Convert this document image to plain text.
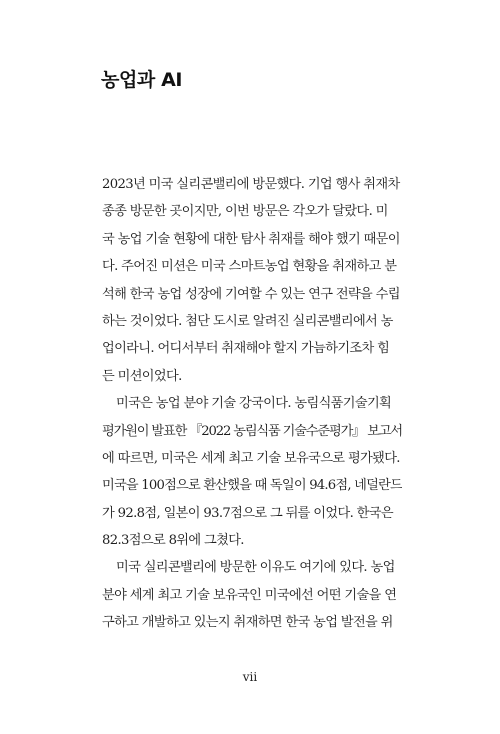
농업과 AI
2023년 미국 실리콘밸리에 방문했다. 기업 행사 취재차
종종 방문한 곳이지만, 이번 방문은 각오가 달랐다. 미
국 농업 기술 현황에 대한 탐사 취재를 해야 했기 때문이
다. 주어진 미션은 미국 스마트농업 현황을 취재하고 분
석해 한국 농업 성장에 기여할 수 있는 연구 전략을 수립
하는 것이었다. 첨단 도시로 알려진 실리콘밸리에서 농
업이라니. 어디서부터 취재해야 할지 가늠하기조차 힘
든 미션이었다.
미국은 농업 분야 기술 강국이다. 농림식품기술기획
평가원이 발표한 『2022 농림식품 기술수준평가』 보고서
에 따르면, 미국은 세계 최고 기술 보유국으로 평가됐다.
미국을 100점으로 환산했을 때 독일이 94.6점, 네덜란드
가 92.8점, 일본이 93.7점으로 그 뒤를 이었다. 한국은
82.3점으로 8위에 그쳤다.
미국 실리콘밸리에 방문한 이유도 여기에 있다. 농업
분야 세계 최고 기술 보유국인 미국에선 어떤 기술을 연
구하고 개발하고 있는지 취재하면 한국 농업 발전을 위
vii
